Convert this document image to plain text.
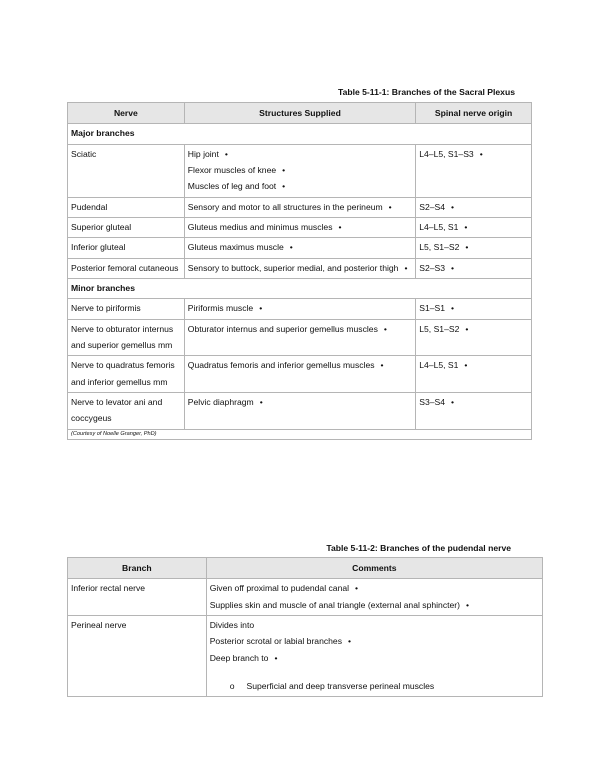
Table 5-11-1: Branches of the Sacral Plexus
Nerve	Structures Supplied	Spinal nerve origin
Major branches		
Sciatic	Hip joint •
Flexor muscles of knee •
Muscles of leg and foot •	L4–L5, S1–S3 •
Pudendal	Sensory and motor to all structures in the perineum •	S2–S4 •
Superior gluteal	Gluteus medius and minimus muscles •	L4–L5, S1 •
Inferior gluteal	Gluteus maximus muscle •	L5, S1–S2 •
Posterior femoral cutaneous	Sensory to buttock, superior medial, and posterior thigh •	S2–S3 •
Minor branches		
Nerve to piriformis	Piriformis muscle •	S1–S1 •
Nerve to obturator internus and superior gemellus mm	Obturator internus and superior gemellus muscles •	L5, S1–S2 •
Nerve to quadratus femoris and inferior gemellus mm	Quadratus femoris and inferior gemellus muscles •	L4–L5, S1 •
Nerve to levator ani and coccygeus	Pelvic diaphragm •	S3–S4 •
(Courtesy of Noelle Granger, PhD)		
Table 5-11-2: Branches of the pudendal nerve
Branch	Comments
Inferior rectal nerve	Given off proximal to pudendal canal •
Supplies skin and muscle of anal triangle (external anal sphincter) •

Perineal nerve	Divides into
Posterior scrotal or labial branches •
Deep branch to •
o Superficial and deep transverse perineal muscles
